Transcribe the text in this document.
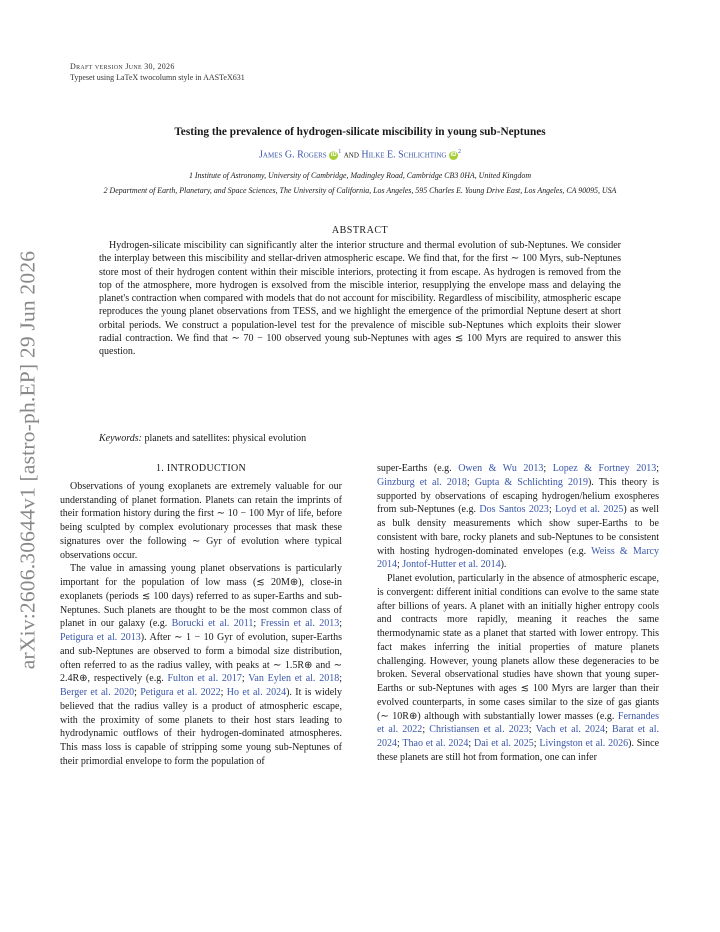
arXiv:2606.30644v1 [astro-ph.EP] 29 Jun 2026
Draft version June 30, 2026
Typeset using LaTeX twocolumn style in AASTeX631
Testing the prevalence of hydrogen-silicate miscibility in young sub-Neptunes
James G. Rogers $iD^1$ and Hilke E. Schlichting $iD^2$
1 Institute of Astronomy, University of Cambridge, Madingley Road, Cambridge CB3 0HA, United Kingdom
2 Department of Earth, Planetary, and Space Sciences, The University of California, Los Angeles, 595 Charles E. Young Drive East, Los Angeles, CA 90095, USA
ABSTRACT
Hydrogen-silicate miscibility can significantly alter the interior structure and thermal evolution of sub-Neptunes. We consider the interplay between this miscibility and stellar-driven atmospheric escape. We find that, for the first ∼ 100 Myrs, sub-Neptunes store most of their hydrogen content within their miscible interiors, protecting it from escape. As hydrogen is removed from the top of the atmosphere, more hydrogen is exsolved from the miscible interior, resupplying the envelope mass and delaying the planet's contraction when compared with models that do not account for miscibility. Regardless of miscibility, atmospheric escape reproduces the young planet observations from TESS, and we highlight the emergence of the primordial Neptune desert at short orbital periods. We construct a population-level test for the prevalence of miscible sub-Neptunes which exploits their slower radial contraction. We find that ∼ 70 − 100 observed young sub-Neptunes with ages ≲ 100 Myrs are required to answer this question.
Keywords: planets and satellites: physical evolution
1. INTRODUCTION

Observations of young exoplanets are extremely valuable for our understanding of planet formation. Planets can retain the imprints of their formation history during the first ∼ 10 − 100 Myr of life, before being sculpted by complex evolutionary processes that mask these signatures over the following ∼ Gyr of evolution where typical observations occur.

The value in amassing young planet observations is particularly important for the population of low mass (≲ 20M⊕), close-in exoplanets (periods ≲ 100 days) referred to as super-Earths and sub-Neptunes. Such planets are thought to be the most common class of planet in our galaxy (e.g. Borucki et al. 2011; Fressin et al. 2013; Petigura et al. 2013). After ∼ 1 − 10 Gyr of evolution, super-Earths and sub-Neptunes are observed to form a bimodal size distribution, often referred to as the radius valley, with peaks at ∼ 1.5R⊕ and ∼ 2.4R⊕, respectively (e.g. Fulton et al. 2017; Van Eylen et al. 2018; Berger et al. 2020; Petigura et al. 2022; Ho et al. 2024). It is widely believed that the radius valley is a product of atmospheric escape, with the proximity of some planets to their host stars leading to hydrodynamic outflows of their hydrogen-dominated atmospheres. This mass loss is capable of stripping some young sub-Neptunes of their primordial envelope to form the population of

super-Earths (e.g. Owen & Wu 2013; Lopez & Fortney 2013; Ginzburg et al. 2018; Gupta & Schlichting 2019). This theory is supported by observations of escaping hydrogen/helium exospheres from sub-Neptunes (e.g. Dos Santos 2023; Loyd et al. 2025) as well as bulk density measurements which show super-Earths to be consistent with bare, rocky planets and sub-Neptunes to be consistent with hosting hydrogen-dominated envelopes (e.g. Weiss & Marcy 2014; Jontof-Hutter et al. 2014).

Planet evolution, particularly in the absence of atmospheric escape, is convergent: different initial conditions can evolve to the same state after billions of years. A planet with an initially higher entropy cools and contracts more rapidly, meaning it reaches the same thermodynamic state as a planet that started with lower entropy. This fact makes inferring the initial properties of mature planets challenging. However, young planets allow these degeneracies to be broken. Several observational studies have shown that young super-Earths or sub-Neptunes with ages ≲ 100 Myrs are larger than their evolved counterparts, in some cases similar to the size of gas giants (∼ 10R⊕) although with substantially lower masses (e.g. Fernandes et al. 2022; Christiansen et al. 2023; Vach et al. 2024; Barat et al. 2024; Thao et al. 2024; Dai et al. 2025; Livingston et al. 2026). Since these planets are still hot from formation, one can infer
